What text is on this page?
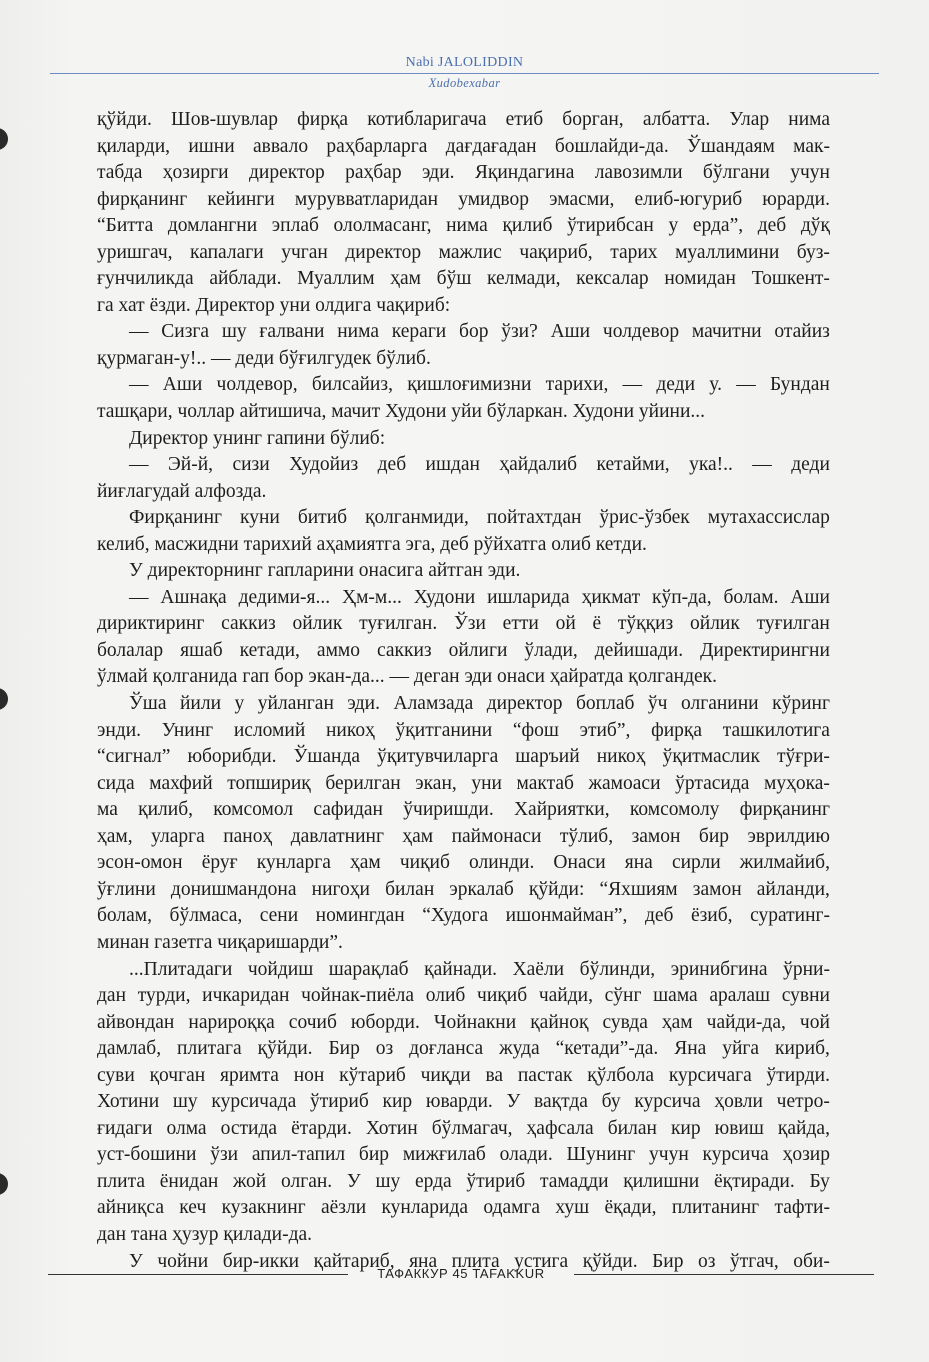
Nabi JALOLIDDIN
Xudobexabar
қўйди. Шов-шувлар фирқа котибларигача етиб борган, албатта. Улар нима
қиларди, ишни аввало раҳбарларга дағдағадан бошлайди-да. Ўшандаям мак-
табда ҳозирги директор раҳбар эди. Яқиндагина лавозимли бўлгани учун
фирқанинг кейинги мурувватларидан умидвор эмасми, елиб-югуриб юрарди.
“Битта домлангни эплаб ололмасанг, нима қилиб ўтирибсан у ерда”, деб дўқ
уришгач, капалаги учган директор мажлис чақириб, тарих муаллимини буз-
ғунчиликда айблади. Муаллим ҳам бўш келмади, кексалар номидан Тошкент-
га хат ёзди. Директор уни олдига чақириб:
— Сизга шу ғалвани нима кераги бор ўзи? Аши чолдевор мачитни отайиз
қурмаган-у!.. — деди бўғилгудек бўлиб.
— Аши чолдевор, билсайиз, қишлоғимизни тарихи, — деди у. — Бундан
ташқари, чоллар айтишича, мачит Худони уйи бўларкан. Худони уйини...
Директор унинг гапини бўлиб:
— Эй-й, сизи Худойиз деб ишдан ҳайдалиб кетайми, ука!.. — деди
йиғлагудай алфозда.
Фирқанинг куни битиб қолганмиди, пойтахтдан ўрис-ўзбек мутахассислар
келиб, масжидни тарихий аҳамиятга эга, деб рўйхатга олиб кетди.
У директорнинг гапларини онасига айтган эди.
— Ашнақа дедими-я... Ҳм-м... Худони ишларида ҳикмат кўп-да, болам. Аши
дириктиринг саккиз ойлик туғилган. Ўзи етти ой ё тўққиз ойлик туғилган
болалар яшаб кетади, аммо саккиз ойлиги ўлади, дейишади. Директирингни
ўлмай қолганида гап бор экан-да... — деган эди онаси ҳайратда қолгандек.
Ўша йили у уйланган эди. Аламзада директор боплаб ўч олганини кўринг
энди. Унинг исломий никоҳ ўқитганини “фош этиб”, фирқа ташкилотига
“сигнал” юборибди. Ўшанда ўқитувчиларга шаръий никоҳ ўқитмаслик тўғри-
сида махфий топшириқ берилган экан, уни мактаб жамоаси ўртасида муҳока-
ма қилиб, комсомол сафидан ўчиришди. Хайриятки, комсомолу фирқанинг
ҳам, уларга паноҳ давлатнинг ҳам паймонаси тўлиб, замон бир эврилдию
эсон-омон ёруғ кунларга ҳам чиқиб олинди. Онаси яна сирли жилмайиб,
ўғлини донишмандона нигоҳи билан эркалаб қўйди: “Яхшиям замон айланди,
болам, бўлмаса, сени номингдан “Худога ишонмайман”, деб ёзиб, суратинг-
минан газетга чиқаришарди”.
...Плитадаги чойдиш шарақлаб қайнади. Хаёли бўлинди, эринибгина ўрни-
дан турди, ичкаридан чойнак-пиёла олиб чиқиб чайди, сўнг шама аралаш сувни
айвондан нарироққа сочиб юборди. Чойнакни қайноқ сувда ҳам чайди-да, чой
дамлаб, плитага қўйди. Бир оз доғланса жуда “кетади”-да. Яна уйга кириб,
суви қочган яримта нон кўтариб чиқди ва пастак қўлбола курсичага ўтирди.
Хотини шу курсичада ўтириб кир юварди. У вақтда бу курсича ҳовли четро-
ғидаги олма остида ётарди. Хотин бўлмагач, ҳафсала билан кир ювиш қайда,
уст-бошини ўзи апил-тапил бир мижғилаб олади. Шунинг учун курсича ҳозир
плита ёнидан жой олган. У шу ерда ўтириб тамадди қилишни ёқтиради. Бу
айниқса кеч кузакнинг аёзли кунларида одамга хуш ёқади, плитанинг тафти-
дан тана ҳузур қилади-да.
У чойни бир-икки қайтариб, яна плита устига қўйди. Бир оз ўтгач, оби-
ТАФАККУР 45 TAFAKKUR
